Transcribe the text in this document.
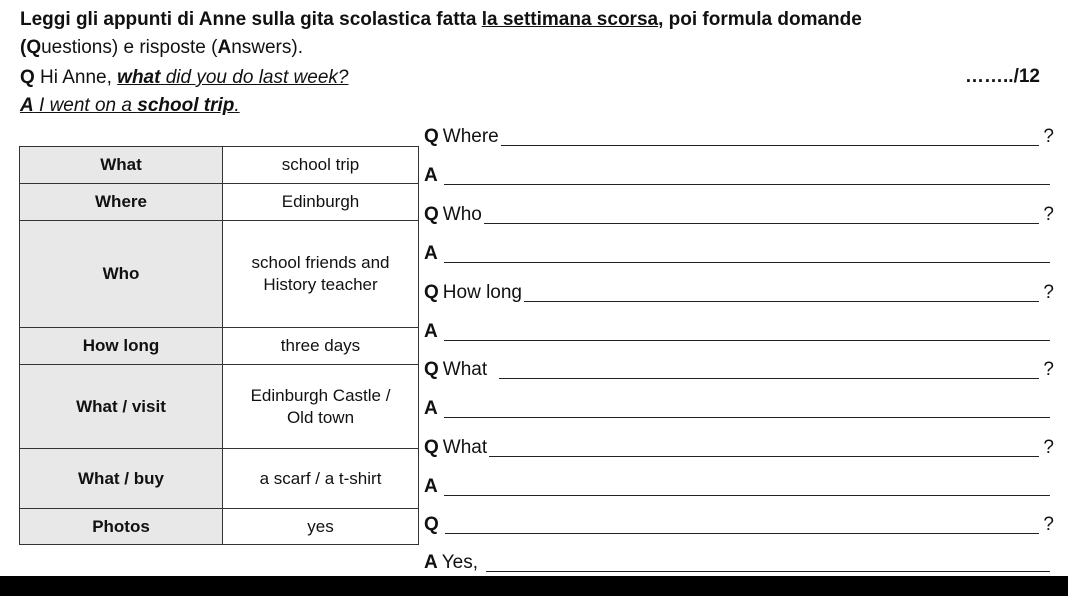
Leggi gli appunti di Anne sulla gita scolastica fatta la settimana scorsa, poi formula domande
(Questions) e risposte (Answers).
Q Hi Anne, what did you do last week?	……../12
A I went on a school trip.
What	school trip
Where	Edinburgh
Who	school friends and History teacher
How long	three days
What / visit	Edinburgh Castle / Old town
What / buy	a scarf / a t-shirt
Photos	yes
Q Where	?
A
Q Who	?
A
Q How long	?
A
Q What	?
A
Q What	?
A
Q	?
A Yes,
